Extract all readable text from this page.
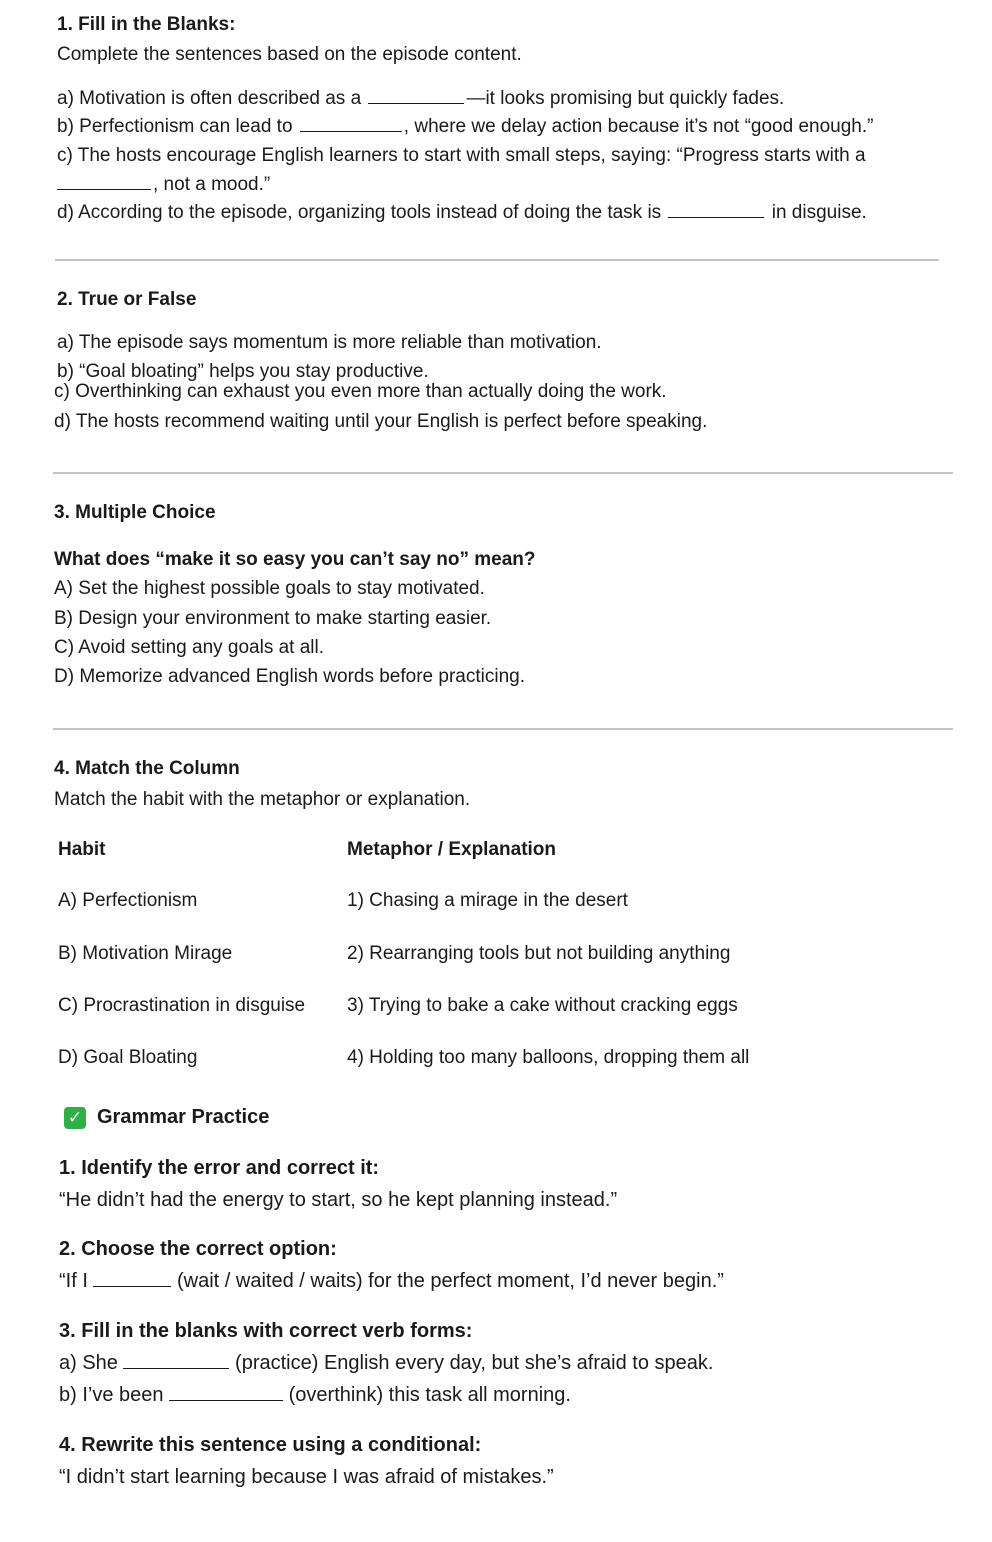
1. Fill in the Blanks:
Complete the sentences based on the episode content.
a) Motivation is often described as a	—it looks promising but quickly fades.
b) Perfectionism can lead to	, where we delay action because it’s not “good enough.”
c) The hosts encourage English learners to start with small steps, saying: “Progress starts with a
, not a mood.”
d) According to the episode, organizing tools instead of doing the task is	in disguise.
2. True or False
a) The episode says momentum is more reliable than motivation.
b) “Goal bloating” helps you stay productive.
c) Overthinking can exhaust you even more than actually doing the work.
d) The hosts recommend waiting until your English is perfect before speaking.
3. Multiple Choice
What does “make it so easy you can’t say no” mean?
A) Set the highest possible goals to stay motivated.
B) Design your environment to make starting easier.
C) Avoid setting any goals at all.
D) Memorize advanced English words before practicing.
4. Match the Column
Match the habit with the metaphor or explanation.
Habit	Metaphor / Explanation
A) Perfectionism	1) Chasing a mirage in the desert
B) Motivation Mirage	2) Rearranging tools but not building anything
C) Procrastination in disguise 3) Trying to bake a cake without cracking eggs
D) Goal Bloating	4) Holding too many balloons, dropping them all
✓ Grammar Practice
1. Identify the error and correct it:
“He didn’t had the energy to start, so he kept planning instead.”
2. Choose the correct option:
“If I	(wait / waited / waits) for the perfect moment, I’d never begin.”
3. Fill in the blanks with correct verb forms:
a) She	(practice) English every day, but she’s afraid to speak.
b) I’ve been	(overthink) this task all morning.
4. Rewrite this sentence using a conditional:
“I didn’t start learning because I was afraid of mistakes.”
